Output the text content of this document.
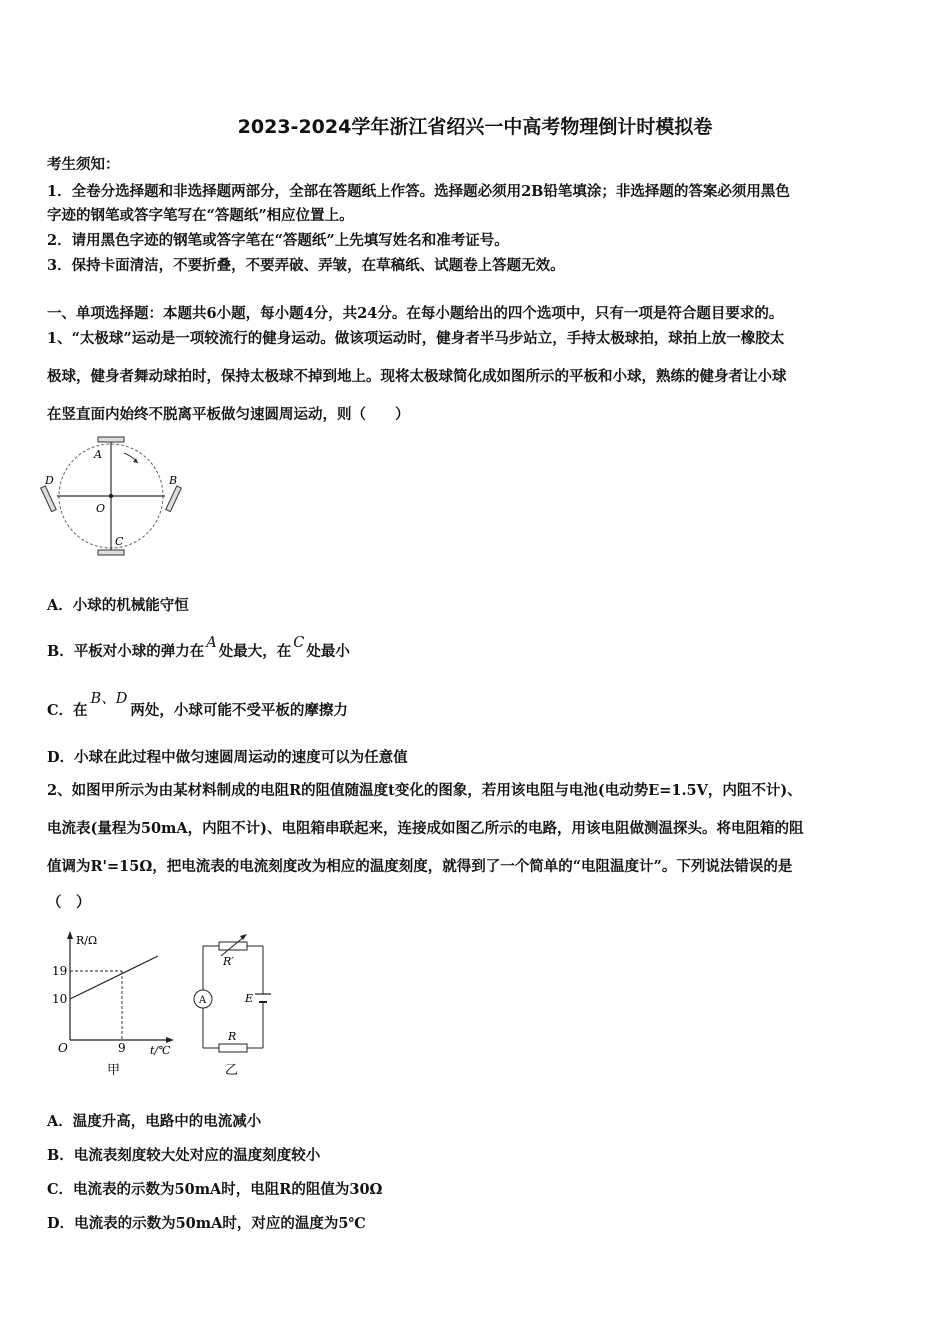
2023-2024学年浙江省绍兴一中高考物理倒计时模拟卷
考生须知：
1．全卷分选择题和非选择题两部分，全部在答题纸上作答。选择题必须用2B铅笔填涂；非选择题的答案必须用黑色
字迹的钢笔或答字笔写在“答题纸”相应位置上。
2．请用黑色字迹的钢笔或答字笔在“答题纸”上先填写姓名和准考证号。
3．保持卡面清洁，不要折叠，不要弄破、弄皱，在草稿纸、试题卷上答题无效。
一、单项选择题：本题共6小题，每小题4分，共24分。在每小题给出的四个选项中，只有一项是符合题目要求的。
1、“太极球”运动是一项较流行的健身运动。做该项运动时，健身者半马步站立，手持太极球拍，球拍上放一橡胶太
极球，健身者舞动球拍时，保持太极球不掉到地上。现将太极球简化成如图所示的平板和小球，熟练的健身者让小球
在竖直面内始终不脱离平板做匀速圆周运动，则（　　）
A
B
C
D
O
A．小球的机械能守恒
B．平板对小球的弹力在 A 处最大，在 C 处最小
C．在B、D两处，小球可能不受平板的摩擦力
D．小球在此过程中做匀速圆周运动的速度可以为任意值
2、如图甲所示为由某材料制成的电阻R的阻值随温度t变化的图象，若用该电阻与电池(电动势E=1.5V，内阻不计)、
电流表(量程为50mA，内阻不计)、电阻箱串联起来，连接成如图乙所示的电路，用该电阻做测温探头。将电阻箱的阻
值调为R'=15Ω，把电流表的电流刻度改为相应的温度刻度，就得到了一个简单的“电阻温度计”。下列说法错误的是
（　）
R/Ω
19
10
O	9 t/℃
甲
A
R′
E
R
乙
A．温度升高，电路中的电流减小
B．电流表刻度较大处对应的温度刻度较小
C．电流表的示数为50mA时，电阻R的阻值为30Ω
D．电流表的示数为50mA时，对应的温度为5℃
